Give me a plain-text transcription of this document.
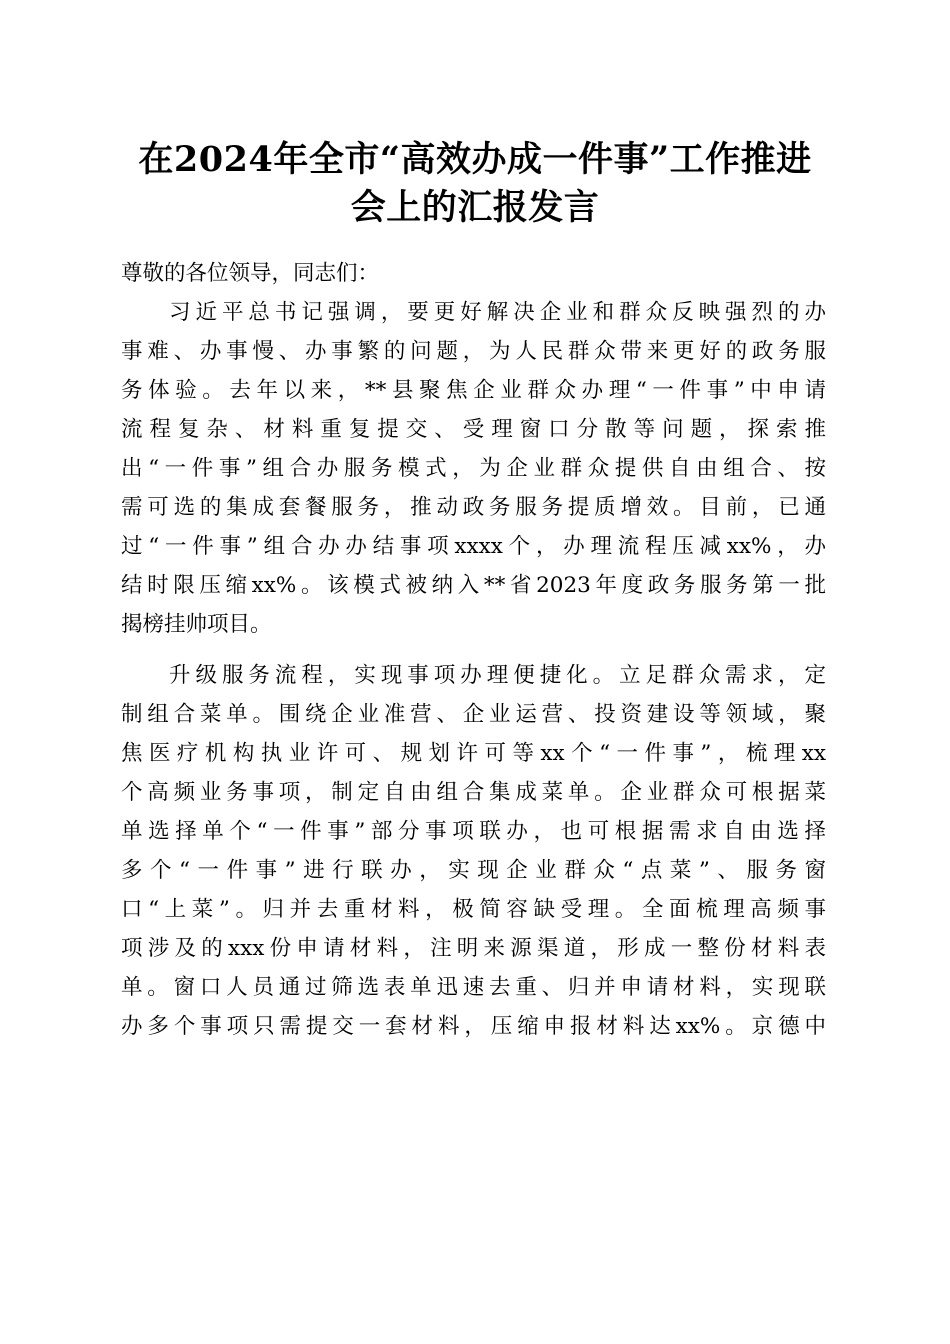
在2024年全市“高效办成一件事”工作推进
会上的汇报发言
尊敬的各位领导，同志们：
习近平总书记强调，要更好解决企业和群众反映强烈的办
事难、办事慢、办事繁的问题，为人民群众带来更好的政务服
务体验。去年以来，**县聚焦企业群众办理“一件事”中申请
流程复杂、材料重复提交、受理窗口分散等问题，探索推
出“一件事”组合办服务模式，为企业群众提供自由组合、按
需可选的集成套餐服务，推动政务服务提质增效。目前，已通
过“一件事”组合办办结事项xxxx个，办理流程压减xx%，办
结时限压缩xx%。该模式被纳入**省2023年度政务服务第一批
揭榜挂帅项目。
升级服务流程，实现事项办理便捷化。立足群众需求，定
制组合菜单。围绕企业准营、企业运营、投资建设等领域，聚
焦医疗机构执业许可、规划许可等xx个“一件事”，梳理xx
个高频业务事项，制定自由组合集成菜单。企业群众可根据菜
单选择单个“一件事”部分事项联办，也可根据需求自由选择
多个“一件事”进行联办，实现企业群众“点菜”、服务窗
口“上菜”。归并去重材料，极简容缺受理。全面梳理高频事
项涉及的xxx份申请材料，注明来源渠道，形成一整份材料表
单。窗口人员通过筛选表单迅速去重、归并申请材料，实现联
办多个事项只需提交一套材料，压缩申报材料达xx%。京德中
